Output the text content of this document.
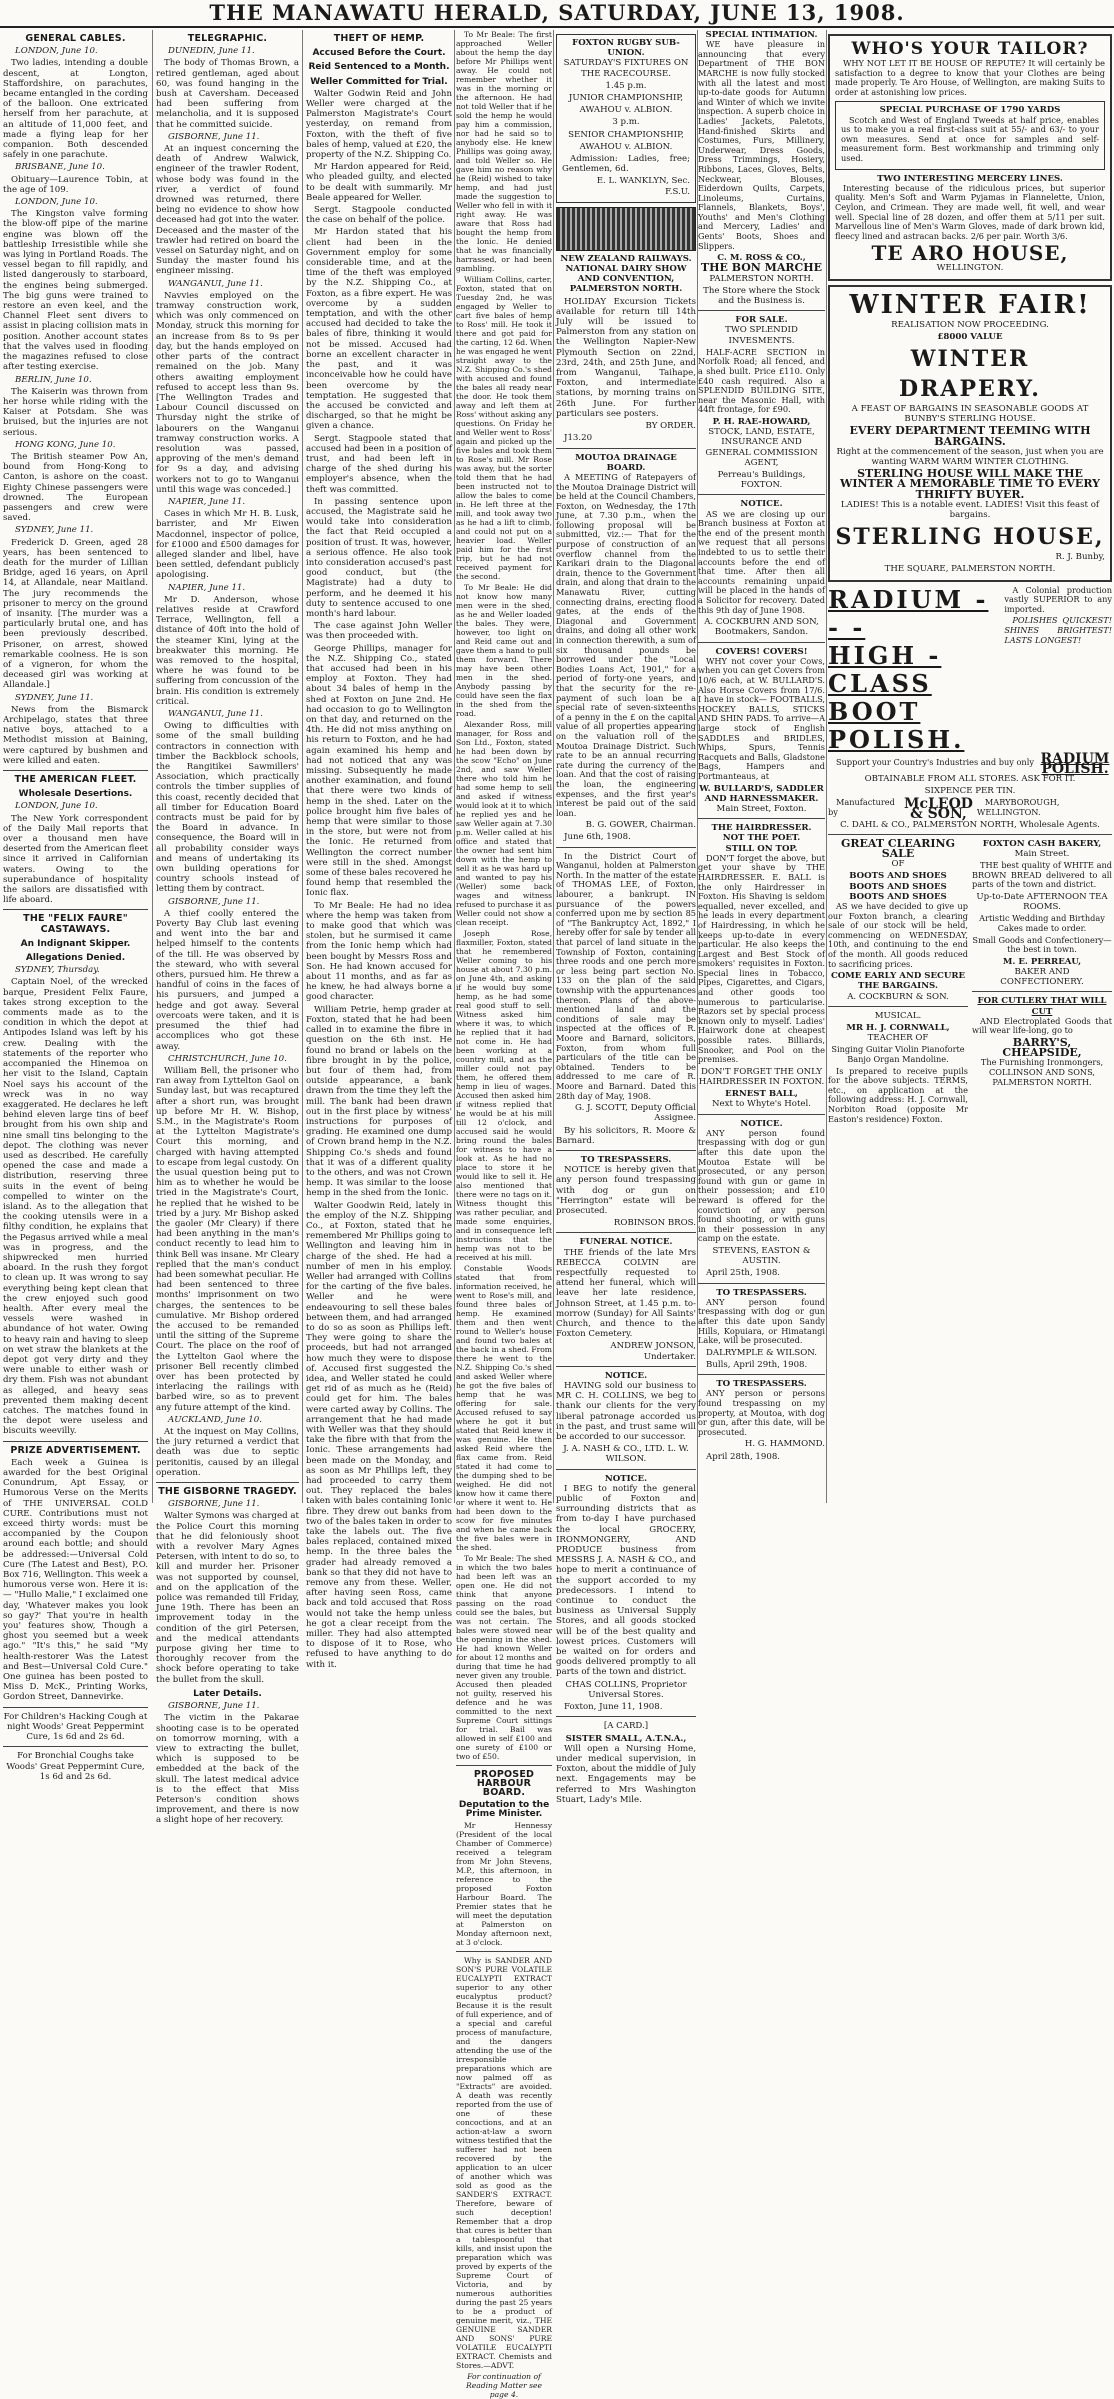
THE MANAWATU HERALD, SATURDAY, JUNE 13, 1908.
GENERAL CABLES.

LONDON, June 10.

Two ladies, intending a double descent, at Longton, Staffordshire, on parachutes, became entangled in the cording of the balloon. One extricated herself from her parachute, at an altitude of 11,000 feet, and made a flying leap for her companion. Both descended safely in one parachute.

BRISBANE, June 10.

Obituary—Laurence Tobin, at the age of 109.

LONDON, June 10.

The Kingston valve forming the blow-off pipe of the marine engine was blown off the battleship Irresistible while she was lying in Portland Roads. The vessel began to fill rapidly, and listed dangerously to starboard, the engines being submerged. The big guns were trained to restore an even keel, and the Channel Fleet sent divers to assist in placing collision mats in position. Another account states that the valves used in flooding the magazines refused to close after testing exercise.

BERLIN, June 10.

The Kaiserin was thrown from her horse while riding with the Kaiser at Potsdam. She was bruised, but the injuries are not serious.

HONG KONG, June 10.

The British steamer Pow An, bound from Hong-Kong to Canton, is ashore on the coast. Eighty Chinese passengers were drowned. The European passengers and crew were saved.

SYDNEY, June 11.

Frederick D. Green, aged 28 years, has been sentenced to death for the murder of Lillian Bridge, aged 16 years, on April 14, at Allandale, near Maitland. The jury recommends the prisoner to mercy on the ground of insanity. [The murder was a particularly brutal one, and has been previously described. Prisoner, on arrest, showed remarkable coolness. He is son of a vigneron, for whom the deceased girl was working at Allandale.]

SYDNEY, June 11.

News from the Bismarck Archipelago, states that three native boys, attached to a Methodist mission at Baining, were captured by bushmen and were killed and eaten.

THE AMERICAN FLEET.
Wholesale Desertions.

LONDON, June 10.

The New York correspondent of the Daily Mail reports that over a thousand men have deserted from the American fleet since it arrived in Californian waters. Owing to the superabundance of hospitality the sailors are dissatisfied with life aboard.

THE "FELIX FAURE" CASTAWAYS.
An Indignant Skipper.
Allegations Denied.

SYDNEY, Thursday.

Captain Noel, of the wrecked barque, President Felix Faure, takes strong exception to the comments made as to the condition in which the depot at Antipodes Island was left by his crew. Dealing with the statements of the reporter who accompanied the Hinemoa on her visit to the Island, Captain Noel says his account of the wreck was in no way exaggerated. He declares he left behind eleven large tins of beef brought from his own ship and nine small tins belonging to the depot. The clothing was never used as described. He carefully opened the case and made a distribution, reserving three suits in the event of being compelled to winter on the island. As to the allegation that the cooking utensils were in a filthy condition, he explains that the Pegasus arrived while a meal was in progress, and the shipwrecked men hurried aboard. In the rush they forgot to clean up. It was wrong to say everything being kept clean that the crew enjoyed such good health. After every meal the vessels were washed in abundance of hot water. Owing to heavy rain and having to sleep on wet straw the blankets at the depot got very dirty and they were unable to either wash or dry them. Fish was not abundant as alleged, and heavy seas prevented them making decent catches. The matches found in the depot were useless and biscuits weevilly.

PRIZE ADVERTISEMENT.

Each week a Guinea is awarded for the best Original Conundrum, Apt Essay, or Humorous Verse on the Merits of THE UNIVERSAL COLD CURE. Contributions must not exceed thirty words: must be accompanied by the Coupon around each bottle; and should be addressed:—Universal Cold Cure (The Latest and Best), P.O. Box 716, Wellington. This week a humorous verse won. Here it is:— "Hullo Malie," I exclaimed one day, 'Whatever makes you look so gay?' That you're in health you' features show, Though a ghost you seemed but a week ago." "It's this," he said "My health-restorer Was the Latest and Best—Universal Cold Cure." One guinea has been posted to Miss D. McK., Printing Works, Gordon Street, Dannevirke.

For Children's Hacking Cough at night Woods' Great Peppermint Cure, 1s 6d and 2s 6d.

For Bronchial Coughs take Woods' Great Peppermint Cure, 1s 6d and 2s 6d.

TELEGRAPHIC.

DUNEDIN, June 11.

The body of Thomas Brown, a retired gentleman, aged about 60, was found hanging in the bush at Caversham. Deceased had been suffering from melancholia, and it is supposed that he committed suicide.

GISBORNE, June 11.

At an inquest concerning the death of Andrew Walwick, engineer of the trawler Rodent, whose body was found in the river, a verdict of found drowned was returned, there being no evidence to show how deceased had got into the water. Deceased and the master of the trawler had retired on board the vessel on Saturday night, and on Sunday the master found his engineer missing.

WANGANUI, June 11.

Navvies employed on the tramway construction work, which was only commenced on Monday, struck this morning for an increase from 8s to 9s per day, but the hands employed on other parts of the contract remained on the job. Many others awaiting employment refused to accept less than 9s. [The Wellington Trades and Labour Council discussed on Thursday night the strike of labourers on the Wanganui tramway construction works. A resolution was passed, approving of the men's demand for 9s a day, and advising workers not to go to Wanganui until this wage was conceded.]

NAPIER, June 11.

Cases in which Mr H. B. Lusk, barrister, and Mr Eiwen Macdonnel, inspector of police, for £1000 and £500 damages for alleged slander and libel, have been settled, defendant publicly apologising.

NAPIER, June 11.

Mr D. Anderson, whose relatives reside at Crawford Terrace, Wellington, fell a distance of 40ft into the hold of the steamer Kini, lying at the breakwater this morning. He was removed to the hospital, where he was found to be suffering from concussion of the brain. His condition is extremely critical.

WANGANUI, June 11.

Owing to difficulties with some of the small building contractors in connection with timber the Backblock schools, the Rangitikei Sawmillers' Association, which practically controls the timber supplies of this coast, recently decided that all timber for Education Board contracts must be paid for by the Board in advance. In consequence, the Board will in all probability consider ways and means of undertaking its own building operations for country schools instead of letting them by contract.

GISBORNE, June 11.

A thief coolly entered the Poverty Bay Club last evening and went into the bar and helped himself to the contents of the till. He was observed by the steward, who with several others, pursued him. He threw a handful of coins in the faces of his pursuers, and jumped a hedge and got away. Several overcoats were taken, and it is presumed the thief had accomplices who got these away.

CHRISTCHURCH, June 10.

William Bell, the prisoner who ran away from Lyttelton Gaol on Sunday last, but was recaptured after a short run, was brought up before Mr H. W. Bishop, S.M., in the Magistrate's Room at the Lyttelton Magistrate's Court this morning, and charged with having attempted to escape from legal custody. On the usual question being put to him as to whether he would be tried in the Magistrate's Court, he replied that he wished to be tried by a jury. Mr Bishop asked the gaoler (Mr Cleary) if there had been anything in the man's conduct recently to lead him to think Bell was insane. Mr Cleary replied that the man's conduct had been somewhat peculiar. He had been sentenced to three months' imprisonment on two charges, the sentences to be cumulative. Mr Bishop ordered the accused to be remanded until the sitting of the Supreme Court. The place on the roof of the Lyttelton Gaol where the prisoner Bell recently climbed over has been protected by interlacing the railings with barbed wire, so as to prevent any future attempt of the kind.

AUCKLAND, June 10.

At the inquest on May Collins, the jury returned a verdict that death was due to septic peritonitis, caused by an illegal operation.

THE GISBORNE TRAGEDY.

GISBORNE, June 11.

Walter Symons was charged at the Police Court this morning that he did feloniously shoot with a revolver Mary Agnes Petersen, with intent to do so, to kill and murder her. Prisoner was not supported by counsel, and on the application of the police was remanded till Friday, June 19th. There has been an improvement today in the condition of the girl Petersen, and the medical attendants purpose giving her time to thoroughly recover from the shock before operating to take the bullet from the skull.

Later Details.

GISBORNE, June 11.

The victim in the Pakarae shooting case is to be operated on tomorrow morning, with a view to extracting the bullet, which is supposed to be embedded at the back of the skull. The latest medical advice is to the effect that Miss Peterson's condition shows improvement, and there is now a slight hope of her recovery.

THEFT OF HEMP.
Accused Before the Court.
Reid Sentenced to a Month.
Weller Committed for Trial.

Walter Godwin Reid and John Weller were charged at the Palmerston Magistrate's Court yesterday, on remand from Foxton, with the theft of five bales of hemp, valued at £20, the property of the N.Z. Shipping Co.

Mr Hardon appeared for Reid, who pleaded guilty, and elected to be dealt with summarily. Mr Beale appeared for Weller.

Sergt. Stagpoole conducted the case on behalf of the police.

Mr Hardon stated that his client had been in the Government employ for some considerable time, and at the time of the theft was employed by the N.Z. Shipping Co., at Foxton, as a fibre expert. He was overcome by a sudden temptation, and with the other accused had decided to take the bales of fibre, thinking it would not be missed. Accused had borne an excellent character in the past, and it was inconceivable how he could have been overcome by the temptation. He suggested that the accused be convicted and discharged, so that he might be given a chance.

Sergt. Stagpoole stated that accused had been in a position of trust, and had been left in charge of the shed during his employer's absence, when the theft was committed.

In passing sentence upon accused, the Magistrate said he would take into consideration the fact that Reid occupied a position of trust. It was, however, a serious offence. He also took into consideration accused's past good conduct, but (the Magistrate) had a duty to perform, and he deemed it his duty to sentence accused to one month's hard labour.

The case against John Weller was then proceeded with.

George Phillips, manager for the N.Z. Shipping Co., stated that accused had been in his employ at Foxton. They had about 34 bales of hemp in the shed at Foxton on June 2nd. He had occasion to go to Wellington on that day, and returned on the 4th. He did not miss anything on his return to Foxton, and he had again examined his hemp and had not noticed that any was missing. Subsequently he made another examination, and found that there were two kinds of hemp in the shed. Later on the police brought him five bales of hemp that were similar to those in the store, but were not from the Ionic. He returned from Wellington the correct number were still in the shed. Amongst some of these bales recovered he found hemp that resembled the Ionic flax.

To Mr Beale: He had no idea where the hemp was taken from to make good that which was stolen, but he surmised it came from the Ionic hemp which had been bought by Messrs Ross and Son. He had known accused for about 11 months, and as far as he knew, he had always borne a good character.

William Petrie, hemp grader at Foxton, stated that he had been called in to examine the fibre in question on the 6th inst. He found no brand or labels on the fibre brought in by the police, but four of them had, from outside appearance, a bank drawn from the time they left the mill. The bank had been drawn out in the first place by witness' instructions for purposes of grading. He examined one dump of Crown brand hemp in the N.Z. Shipping Co.'s sheds and found that it was of a different quality to the others, and was not Crown hemp. It was similar to the loose hemp in the shed from the Ionic.

Walter Goodwin Reid, lately in the employ of the N.Z. Shipping Co., at Foxton, stated that he remembered Mr Phillips going to Wellington and leaving him in charge of the shed. He had a number of men in his employ. Weller had arranged with Collins for the carting of the five bales. Weller and he were endeavouring to sell these bales between them, and had arranged to do so as soon as Phillips left. They were going to share the proceeds, but had not arranged how much they were to dispose of. Accused first suggested the idea, and Weller stated he could get rid of as much as he (Reid) could get for him. The bales were carted away by Collins. The arrangement that he had made with Weller was that they should take the fibre with that from the Ionic. These arrangements had been made on the Monday, and as soon as Mr Phillips left, they had proceeded to carry them out. They replaced the bales taken with bales containing Ionic fibre. They drew out banks from two of the bales taken in order to take the labels out. The five bales replaced, contained mixed hemp. In the three bales the grader had already removed a bank so that they did not have to remove any from these. Weller, after having seen Ross, came back and told accused that Ross would not take the hemp unless he got a clear receipt from the miller. They had also attempted to dispose of it to Rose, who refused to have anything to do with it.

To Mr Beale: The first approached Weller about the hemp the day before Mr Phillips went away. He could not remember whether it was in the morning or the afternoon. He had not told Weller that if he sold the hemp he would pay him a commission, nor had he said so to anybody else. He knew Phillips was going away, and told Weller so. He gave him no reason why he (Reid) wished to take hemp, and had just made the suggestion to Weller who fell in with it right away. He was aware that Ross had bought the hemp from the Ionic. He denied that he was financially harrassed, or had been gambling.

William Collins, carter, Foxton, stated that on Tuesday 2nd, he was engaged by Weller to cart five bales of hemp to Ross' mill. He took it there and got paid for the carting, 12 6d. When he was engaged he went straight away to the N.Z. Shipping Co.'s shed with accused and found the bales all ready near the door. He took them away and left them at Ross' without asking any questions. On Friday he and Weller went to Ross' again and picked up the five bales and took them to Rose's mill. Mr Rose was away, but the sorter told them that he had been instructed not to allow the bales to come in. He left three at the mill, and took away two as he had a lift to climb, and could not put on a heavier load. Weller paid him for the first trip, but he had not received payment for the second.

To Mr Beale: He did not know how many men were in the shed, as he and Weller loaded the bales. They were, however, too light on and Reid came out and gave them a hand to pull them forward. There may have been other men in the shed. Anybody passing by could have seen the flax in the shed from the road.

Alexander Ross, mill manager, for Ross and Son Ltd., Foxton, stated he had been down by the scow "Echo" on June 2nd, and saw Weller there who told him he had some hemp to sell and asked if witness would look at it to which he replied yes and he saw Weller again at 7.30 p.m. Weller called at his office and stated that the owner had sent him down with the hemp to sell it as he was hard up and wanted to pay his (Weller) some back wages and witness refused to purchase it as Weller could not show a clean receipt.

Joseph Rose, flaxmiller, Foxton, stated that he remembered Weller coming to his house at about 7.30 p.m. on June 4th, and asking if he would buy some hemp, as he had some real good stuff to sell. Witness asked him where it was, to which he replied that it had not come in. He had been working at a country mill, and as the miller could not pay them, he offered them hemp in lieu of wages. Accused then asked him if witness replied that he would be at his mill till 12 o'clock, and accused said he would bring round the bales for witness to have a look at. As he had no place to store it he would like to sell it. He also mentioned that there were no tags on it. Witness thought this was rather peculiar, and made some enquiries, and in consequence left instructions that the hemp was not to be received at his mill.

Constable Woods stated that from information received, he went to Rose's mill, and found three bales of hemp. He examined them and then went round to Weller's house and found two bales at the back in a shed. From there he went to the N.Z. Shipping Co.'s shed and asked Weller where he got the five bales of hemp that he was offering for sale. Accused refused to say where he got it but stated that Reid knew it was genuine. He then asked Reid where the flax came from. Reid stated it had come to the dumping shed to be weighed. He did not know how it came there or where it went to. He had been down to the scow for five minutes and when he came back the five bales were in the shed.

To Mr Beale: The shed in which the two bales had been left was an open one. He did not think that anyone passing on the road could see the bales, but was not certain. The bales were stowed near the opening in the shed. He had known Weller for about 12 months and during that time he had never given any trouble. Accused then pleaded not guilty, reserved his defence and he was committed to the next Supreme Court sittings for trial. Bail was allowed in self £100 and one surety of £100 or two of £50.

PROPOSED HARBOUR BOARD.
Deputation to the Prime Minister.

Mr Hennessy (President of the local Chamber of Commerce) received a telegram from Mr John Stevens, M.P., this afternoon, in reference to the proposed Foxton Harbour Board. The Premier states that he will meet the deputation at Palmerston on Monday afternoon next, at 3 o'clock.

Why is SANDER AND SON'S PURE VOLATILE EUCALYPTI EXTRACT superior to any other eucalyptus product? Because it is the result of full experience, and of a special and careful process of manufacture, and the dangers attending the use of the irresponsible preparations which are now palmed off as "Extracts" are avoided. A death was recently reported from the use of one of these concoctions, and at an action-at-law a sworn witness testified that the sufferer had not been recovered by the application to an ulcer of another which was sold as good as the SANDER'S EXTRACT. Therefore, beware of such deception! Remember that a drop that cures is better than a tablespoonful that kills, and insist upon the preparation which was proved by experts of the Supreme Court of Victoria, and by numerous authorities during the past 25 years to be a product of genuine merit, viz., THE GENUINE SANDER AND SONS' PURE VOLATILE EUCALYPTI EXTRACT. Chemists and Stores.—ADVT.

For continuation of Reading Matter see page 4.

FOXTON RUGBY SUB-UNION.

SATURDAY'S FIXTURES ON THE RACECOURSE.

1.45 p.m.

JUNIOR CHAMPIONSHIP,

AWAHOU v. ALBION.

3 p.m.

SENIOR CHAMPIONSHIP,

AWAHOU v. ALBION.

Admission: Ladies, free; Gentlemen, 6d.

E. L. WANKLYN, Sec. F.S.U.

NEW ZEALAND RAILWAYS.

NATIONAL DAIRY SHOW AND CONVENTION, PALMERSTON NORTH.

HOLIDAY Excursion Tickets available for return till 14th July will be issued to Palmerston from any station on the Wellington Napier-New Plymouth Section on 22nd, 23rd, 24th, and 25th June, and from Wanganui, Taihape, Foxton, and intermediate stations, by morning trains on 26th June. For further particulars see posters.

BY ORDER.

J13.20

MOUTOA DRAINAGE BOARD.

A MEETING of Ratepayers of the Moutoa Drainage District will be held at the Council Chambers, Foxton, on Wednesday, the 17th June, at 7.30 p.m., when the following proposal will be submitted, viz.:— That for the purpose of construction of an overflow channel from the Karikari drain to the Diagonal drain, thence to the Government drain, and along that drain to the Manawatu River, cutting connecting drains, erecting flood gates, at the ends of the Diagonal and Government drains, and doing all other work in connection therewith, a sum of six thousand pounds be borrowed under the "Local Bodies Loans Act, 1901," for a period of forty-one years, and that the security for the re-payment of such loan be a special rate of seven-sixteenths of a penny in the £ on the capital value of all properties appearing on the valuation roll of the Moutoa Drainage District. Such rate to be an annual recurring rate during the currency of the loan. And that the cost of raising the loan, the engineering expenses, and the first year's interest be paid out of the said loan.

B. G. GOWER, Chairman.

June 6th, 1908.

In the District Court of Wanganui, holden at Palmerston North. In the matter of the estate of THOMAS LEE, of Foxton, labourer, a bankrupt. IN pursuance of the powers conferred upon me by section 85 of "The Bankruptcy Act, 1892," I hereby offer for sale by tender all that parcel of land situate in the Township of Foxton, containing three roods and one perch more or less being part section No. 133 on the plan of the said township with the appurtenances thereon. Plans of the above-mentioned land and the conditions of sale may be inspected at the offices of R. Moore and Barnard, solicitors, Foxton, from whom full particulars of the title can be obtained. Tenders to be addressed to me care of R. Moore and Barnard. Dated this 28th day of May, 1908.

G. J. SCOTT, Deputy Official Assignee.

By his solicitors, R. Moore & Barnard.

TO TRESPASSERS.

NOTICE is hereby given that any person found trespassing with dog or gun on "Herrington" estate will be prosecuted.

ROBINSON BROS.

FUNERAL NOTICE.

THE friends of the late Mrs REBECCA COLVIN are respectfully requested to attend her funeral, which will leave her late residence, Johnson Street, at 1.45 p.m. to-morrow (Sunday) for All Saints' Church, and thence to the Foxton Cemetery.

ANDREW JONSON, Undertaker.

NOTICE.

HAVING sold our business to MR C. H. COLLINS, we beg to thank our clients for the very liberal patronage accorded us in the past, and trust same will be accorded to our successor.

J. A. NASH & CO., LTD. L. W. WILSON.

NOTICE.

I BEG to notify the general public of Foxton and surrounding districts that as from to-day I have purchased the local GROCERY, IRONMONGERY, AND PRODUCE business from MESSRS J. A. NASH & CO., and hope to merit a continuance of the support accorded to my predecessors. I intend to continue to conduct the business as Universal Supply Stores, and all goods stocked will be of the best quality and lowest prices. Customers will be waited on for orders and goods delivered promptly to all parts of the town and district.

CHAS COLLINS, Proprietor Universal Stores.

Foxton, June 11, 1908.

[A CARD.]

SISTER SMALL, A.T.N.A.,

Will open a Nursing Home, under medical supervision, in Foxton, about the middle of July next. Engagements may be referred to Mrs Washington Stuart, Lady's Mile.

SPECIAL INTIMATION.

WE have pleasure in announcing that every Department of THE BON MARCHE is now fully stocked with all the latest and most up-to-date goods for Autumn and Winter of which we invite inspection. A superb choice in Ladies' Jackets, Paletots, Hand-finished Skirts and Costumes, Furs, Millinery, Underwear, Dress Goods, Dress Trimmings, Hosiery, Ribbons, Laces, Gloves, Belts, Neckwear, Blouses, Eiderdown Quilts, Carpets, Linoleums, Curtains, Flannels, Blankets, Boys', Youths' and Men's Clothing and Mercery, Ladies' and Gents' Boots, Shoes and Slippers.

C. M. ROSS & CO.,
THE BON MARCHE

PALMERSTON NORTH.

The Store where the Stock and the Business is.

FOR SALE.

TWO SPLENDID INVESMENTS.

HALF-ACRE SECTION in Norfolk Road; all fenced, and a shed built. Price £110. Only £40 cash required. Also a SPLENDID BUILDING SITE, near the Masonic Hall, with 44ft frontage, for £90.

P. H. RAE-HOWARD,

STOCK, LAND, ESTATE, INSURANCE AND GENERAL COMMISSION AGENT,

Perreau's Buildings, FOXTON.

NOTICE.

AS we are closing up our Branch business at Foxton at the end of the present month we request that all persons indebted to us to settle their accounts before the end of that time. After then all accounts remaining unpaid will be placed in the hands of a Solicitor for recovery. Dated this 9th day of June 1908.

A. COCKBURN AND SON, Bootmakers, Sandon.

COVERS! COVERS!

WHY not cover your Cows, when you can get Covers from 10/6 each, at W. BULLARD'S. Also Horse Covers from 17/6. I have in stock— FOOTBALLS, HOCKEY BALLS, STICKS AND SHIN PADS. To arrive—A large stock of English SADDLES and BRIDLES, Whips, Spurs, Tennis Racquets and Balls, Gladstone Bags, Hampers and Portmanteaus, at

W. BULLARD'S, SADDLER AND HARNESSMAKER.

Main Street, Foxton.

THE HAIRDRESSER.
NOT THE POET.
STILL ON TOP.

DON'T forget the above, but get your shave by THE HAIRDRESSER. E. BALL is the only Hairdresser in Foxton. His Shaving is seldom equalled, never excelled, and he leads in every department of Hairdressing, in which he keeps up-to-date in every particular. He also keeps the Largest and Best Stock of smokers' requisites in Foxton. Special lines in Tobacco, Pipes, Cigarettes, and Cigars, and other goods too numerous to particularise. Razors set by special process known only to myself. Ladies' Hairwork done at cheapest possible rates. Billiards, Snooker, and Pool on the premises.

DON'T FORGET THE ONLY HAIRDRESSER IN FOXTON.

ERNEST BALL,

Next to Whyte's Hotel.

NOTICE.

ANY person found trespassing with dog or gun after this date upon the Moutoa Estate will be prosecuted, or any person found with gun or game in their possession; and £10 reward is offered for the conviction of any person found shooting, or with guns in their possession in any camp on the estate.

STEVENS, EASTON & AUSTIN.

April 25th, 1908.

TO TRESPASSERS.

ANY person found trespassing with dog or gun after this date upon Sandy Hills, Kopuiara, or Himatangi Lake, will be prosecuted.

DALRYMPLE & WILSON.

Bulls, April 29th, 1908.

TO TRESPASSERS.

ANY person or persons found trespassing on my property, at Moutoa, with dog or gun, after this date, will be prosecuted.

H. G. HAMMOND.

April 28th, 1908.

WHO'S YOUR TAILOR?

WHY NOT LET IT BE HOUSE OF REPUTE? It will certainly be satisfaction to a degree to know that your Clothes are being made properly. Te Aro House, of Wellington, are making Suits to order at astonishing low prices.

SPECIAL PURCHASE OF 1790 YARDS

Scotch and West of England Tweeds at half price, enables us to make you a real first-class suit at 55/- and 63/- to your own measures. Send at once for samples and self-measurement form. Best workmanship and trimming only used.

TWO INTERESTING MERCERY LINES.

Interesting because of the ridiculous prices, but superior quality. Men's Soft and Warm Pyjamas in Flannelette, Union, Ceylon, and Crimean. They are made well, fit well, and wear well. Special line of 28 dozen, and offer them at 5/11 per suit. Marvellous line of Men's Warm Gloves, made of dark brown kid, fleecy lined and astracan backs. 2/6 per pair. Worth 3/6.

TE ARO HOUSE,

WELLINGTON.

WINTER FAIR!

REALISATION NOW PROCEEDING.

£8000 VALUE

WINTER DRAPERY.

A FEAST OF BARGAINS IN SEASONABLE GOODS AT BUNBY'S STERLING HOUSE.

EVERY DEPARTMENT TEEMING WITH BARGAINS.

Right at the commencement of the season, just when you are wanting WARM WARM WINTER CLOTHING.

STERLING HOUSE WILL MAKE THE WINTER A MEMORABLE TIME TO EVERY THRIFTY BUYER.

LADIES! This is a notable event. LADIES! Visit this feast of bargains.

STERLING HOUSE,

R. J. Bunby,

THE SQUARE, PALMERSTON NORTH.

RADIUM - - -
HIGH - CLASS
BOOT POLISH.

A Colonial production vastly SUPERIOR to any imported.

POLISHES QUICKEST! SHINES BRIGHTEST! LASTS LONGEST!

Support your Country's Industries and buy only RADIUM POLISH.

OBTAINABLE FROM ALL STORES. ASK FOR IT.

SIXPENCE PER TIN.

Manufactured by

McLEOD & SON,

MARYBOROUGH, WELLINGTON.

C. DAHL & CO., PALMERSTON NORTH, Wholesale Agents.

GREAT CLEARING SALE

OF

BOOTS AND SHOES
BOOTS AND SHOES
BOOTS AND SHOES

AS we have decided to give up our Foxton branch, a clearing sale of our stock will be held, commencing on WEDNESDAY, 10th, and continuing to the end of the month. All goods reduced to sacrificing prices.

COME EARLY AND SECURE THE BARGAINS.

A. COCKBURN & SON.

MUSICAL.

MR H. J. CORNWALL,

TEACHER OF

Singing Guitar Violin Pianoforte Banjo Organ Mandoline.

Is prepared to receive pupils for the above subjects. TERMS, etc., on application at the following address: H. J. Cornwall, Norbiton Road (opposite Mr Easton's residence) Foxton.

FOXTON CASH BAKERY,

Main Street.

THE best quality of WHITE and BROWN BREAD delivered to all parts of the town and district.

Up-to-Date AFTERNOON TEA ROOMS.

Artistic Wedding and Birthday Cakes made to order.

Small Goods and Confectionery—the best in town.

M. E. PERREAU,

BAKER AND CONFECTIONERY.

FOR CUTLERY THAT WILL CUT

AND Electroplated Goods that will wear life-long, go to

BARRY'S, CHEAPSIDE,

The Furnishing Ironmongers, COLLINSON AND SONS, PALMERSTON NORTH.
